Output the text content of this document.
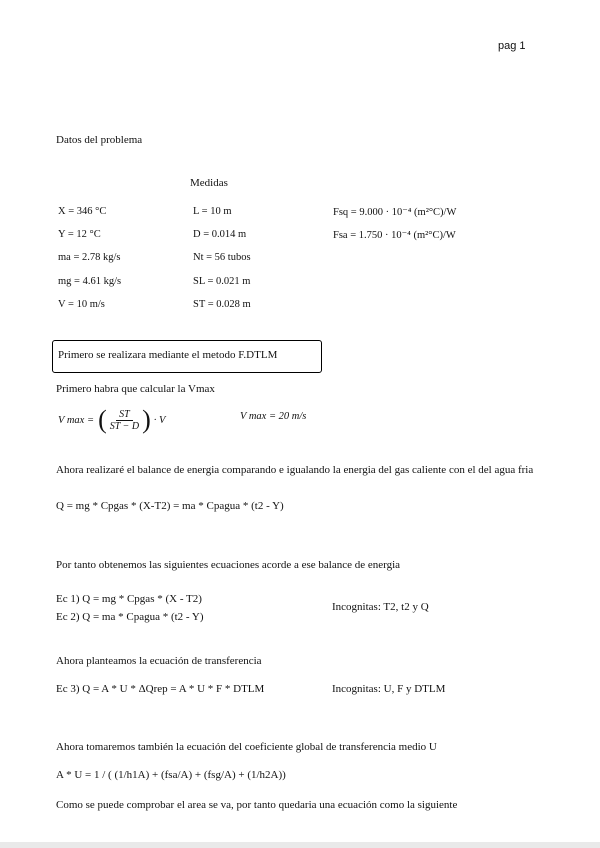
pag 1
Datos del problema
Medidas
X = 346 °C
Y = 12 °C
ma = 2.78 kg/s
mg = 4.61 kg/s
V = 10 m/s
L = 10 m
D = 0.014 m
Nt = 56 tubos
SL = 0.021 m
ST = 0.028 m
Fsq = 9.000 · 10⁻⁴ (m²°C)/W
Fsa = 1.750 · 10⁻⁴ (m²°C)/W
Primero se realizara mediante el metodo F.DTLM
Primero habra que calcular la Vmax
V max = ( $\frac{ST}{ST - D}$ ) · V	V max = 20 m/s
Ahora realizaré el balance de energia comparando e igualando la energia del gas caliente con el del agua fria
Q = mg * Cpgas * (X-T2) = ma * Cpagua * (t2 - Y)
Por tanto obtenemos las siguientes ecuaciones acorde a ese balance de energia
Ec 1) Q = mg * Cpgas * (X - T2)
Ec 2) Q = ma * Cpagua * (t2 - Y)
Incognitas: T2, t2 y Q
Ahora planteamos la ecuación de transferencia
Ec 3) Q = A * U * ΔQrep = A * U * F * DTLM	Incognitas: U, F y DTLM
Ahora tomaremos también la ecuación del coeficiente global de transferencia medio U
A * U = 1 / ( (1/h1A) + (fsa/A) + (fsg/A) + (1/h2A))
Como se puede comprobar el area se va, por tanto quedaria una ecuación como la siguiente
